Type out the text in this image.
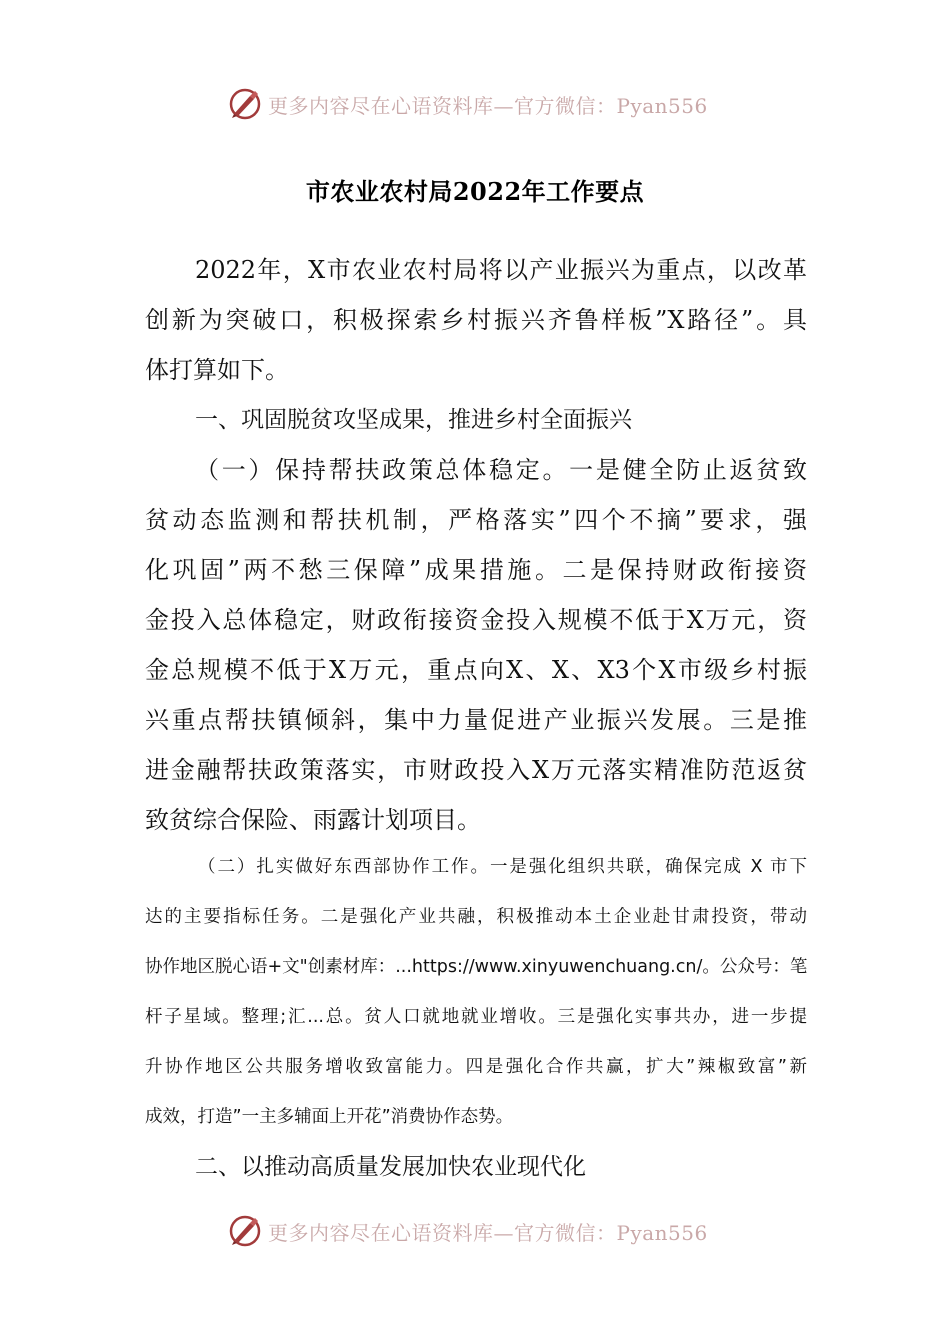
更多内容尽在心语资料库—官方微信：Pyan556
市农业农村局2022年工作要点
2022年，X市农业农村局将以产业振兴为重点，以改革
创新为突破口，积极探索乡村振兴齐鲁样板”X路径”。具
体打算如下。
一、巩固脱贫攻坚成果，推进乡村全面振兴
（一）保持帮扶政策总体稳定。一是健全防止返贫致
贫动态监测和帮扶机制，严格落实”四个不摘”要求，强
化巩固”两不愁三保障”成果措施。二是保持财政衔接资
金投入总体稳定，财政衔接资金投入规模不低于X万元，资
金总规模不低于X万元，重点向X、X、X3个X市级乡村振
兴重点帮扶镇倾斜，集中力量促进产业振兴发展。三是推
进金融帮扶政策落实，市财政投入X万元落实精准防范返贫
致贫综合保险、雨露计划项目。
（二）扎实做好东西部协作工作。一是强化组织共联，确保完成 X 市下
达的主要指标任务。二是强化产业共融，积极推动本土企业赴甘肃投资，带动
协作地区脱心语+文"创素材库：...https://www.xinyuwenchuang.cn/。公众号：笔
杆子星域。整理;汇...总。贫人口就地就业增收。三是强化实事共办，进一步提
升协作地区公共服务增收致富能力。四是强化合作共赢，扩大”辣椒致富”新
成效，打造”一主多辅面上开花”消费协作态势。
二、以推动高质量发展加快农业现代化
更多内容尽在心语资料库—官方微信：Pyan556
